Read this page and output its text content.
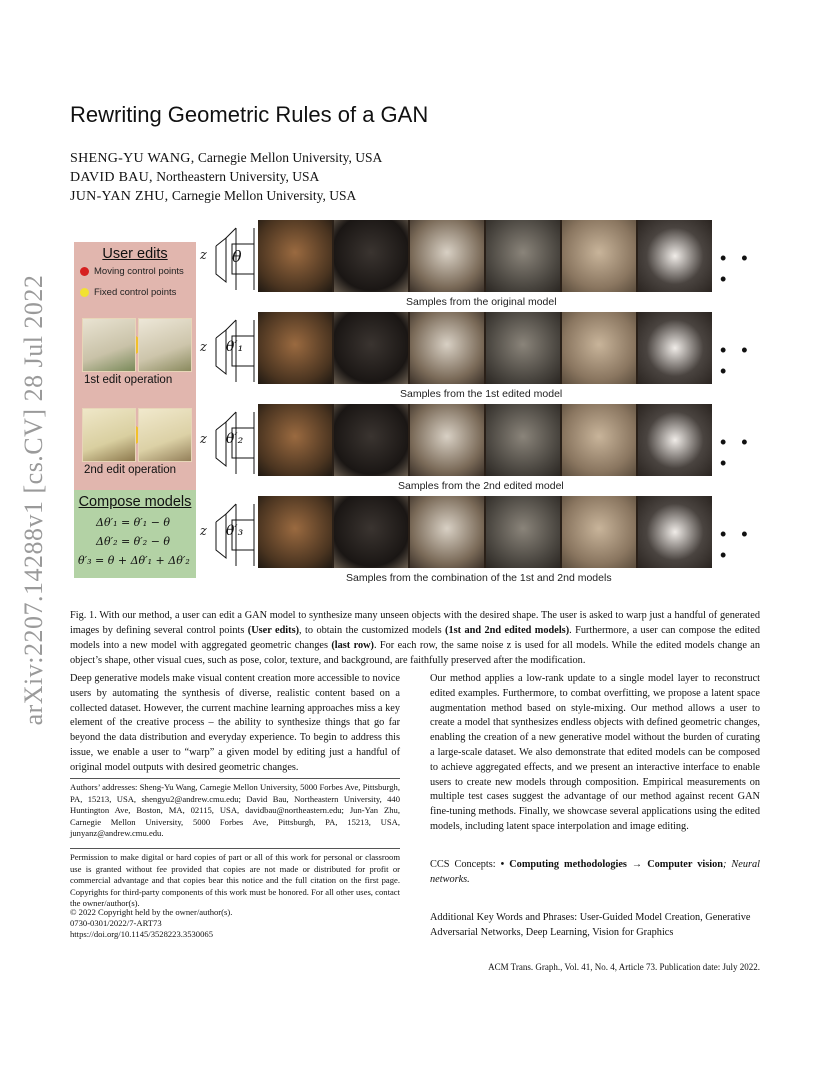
arXiv:2207.14288v1 [cs.CV] 28 Jul 2022
Rewriting Geometric Rules of a GAN
SHENG-YU WANG, Carnegie Mellon University, USA
DAVID BAU, Northeastern University, USA
JUN-YAN ZHU, Carnegie Mellon University, USA
User edits
Moving control points
Fixed control points
1st edit operation
2nd edit operation
Compose models
Δθ′₁ = θ′₁ − θ
Δθ′₂ = θ′₂ − θ
θ′₃ = θ + Δθ′₁ + Δθ′₂
z
z
z
z
θ
θ′₁
θ′₂
θ′₃
• • •
• • •
• • •
• • •
Samples from the original model
Samples from the 1st edited model
Samples from the 2nd edited model
Samples from the combination of the 1st and 2nd models
Fig. 1. With our method, a user can edit a GAN model to synthesize many unseen objects with the desired shape. The user is asked to warp just a handful of generated images by defining several control points (User edits), to obtain the customized models (1st and 2nd edited models). Furthermore, a user can compose the edited models into a new model with aggregated geometric changes (last row). For each row, the same noise z is used for all models. While the edited models change an object’s shape, other visual cues, such as pose, color, texture, and background, are faithfully preserved after the modification.
Deep generative models make visual content creation more accessible to novice users by automating the synthesis of diverse, realistic content based on a collected dataset. However, the current machine learning approaches miss a key element of the creative process – the ability to synthesize things that go far beyond the data distribution and everyday experience. To begin to address this issue, we enable a user to “warp” a given model by editing just a handful of original model outputs with desired geometric changes.
Our method applies a low-rank update to a single model layer to reconstruct edited examples. Furthermore, to combat overfitting, we propose a latent space augmentation method based on style-mixing. Our method allows a user to create a model that synthesizes endless objects with defined geometric changes, enabling the creation of a new generative model without the burden of curating a large-scale dataset. We also demonstrate that edited models can be composed to achieve aggregated effects, and we present an interactive interface to enable users to create new models through composition. Empirical measurements on multiple test cases suggest the advantage of our method against recent GAN fine-tuning methods. Finally, we showcase several applications using the edited models, including latent space interpolation and image editing.
Authors’ addresses: Sheng-Yu Wang, Carnegie Mellon University, 5000 Forbes Ave, Pittsburgh, PA, 15213, USA, shengyu2@andrew.cmu.edu; David Bau, Northeastern University, 440 Huntington Ave, Boston, MA, 02115, USA, davidbau@northeastern.edu; Jun-Yan Zhu, Carnegie Mellon University, 5000 Forbes Ave, Pittsburgh, PA, 15213, USA, junyanz@andrew.cmu.edu.
Permission to make digital or hard copies of part or all of this work for personal or classroom use is granted without fee provided that copies are not made or distributed for profit or commercial advantage and that copies bear this notice and the full citation on the first page. Copyrights for third-party components of this work must be honored. For all other uses, contact the owner/author(s).
© 2022 Copyright held by the owner/author(s).
0730-0301/2022/7-ART73
https://doi.org/10.1145/3528223.3530065
CCS Concepts: • Computing methodologies → Computer vision; Neural networks.
Additional Key Words and Phrases: User-Guided Model Creation, Generative Adversarial Networks, Deep Learning, Vision for Graphics
ACM Trans. Graph., Vol. 41, No. 4, Article 73. Publication date: July 2022.
